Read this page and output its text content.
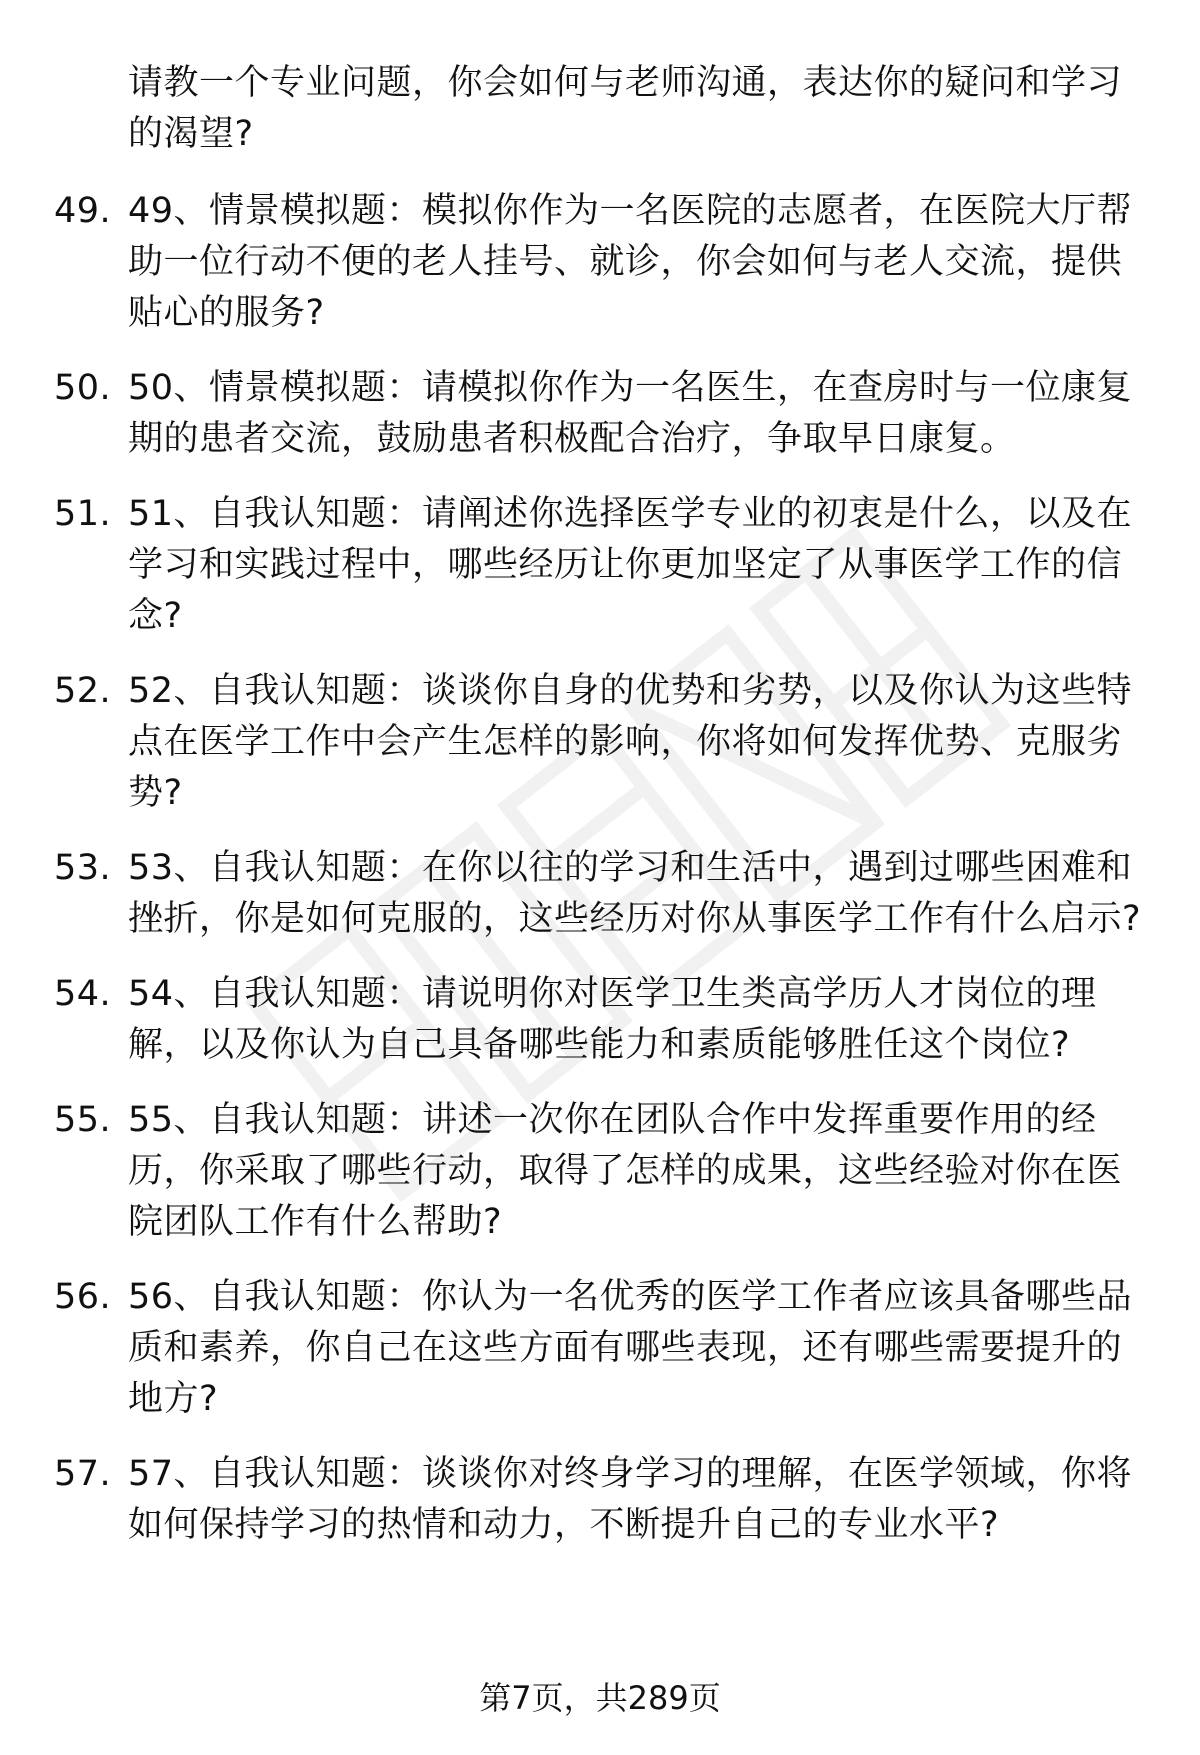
请教一个专业问题，你会如何与老师沟通，表达你的疑问和学习的渴望?
49. 49、情景模拟题：模拟你作为一名医院的志愿者，在医院大厅帮助一位行动不便的老人挂号、就诊，你会如何与老人交流，提供贴心的服务?
50. 50、情景模拟题：请模拟你作为一名医生，在查房时与一位康复期的患者交流，鼓励患者积极配合治疗，争取早日康复。
51. 51、自我认知题：请阐述你选择医学专业的初衷是什么，以及在学习和实践过程中，哪些经历让你更加坚定了从事医学工作的信念?
52. 52、自我认知题：谈谈你自身的优势和劣势，以及你认为这些特点在医学工作中会产生怎样的影响，你将如何发挥优势、克服劣势?
53. 53、自我认知题：在你以往的学习和生活中，遇到过哪些困难和挫折，你是如何克服的，这些经历对你从事医学工作有什么启示?
54. 54、自我认知题：请说明你对医学卫生类高学历人才岗位的理解，以及你认为自己具备哪些能力和素质能够胜任这个岗位?
55. 55、自我认知题：讲述一次你在团队合作中发挥重要作用的经历，你采取了哪些行动，取得了怎样的成果，这些经验对你在医院团队工作有什么帮助?
56. 56、自我认知题：你认为一名优秀的医学工作者应该具备哪些品质和素养，你自己在这些方面有哪些表现，还有哪些需要提升的地方?
57. 57、自我认知题：谈谈你对终身学习的理解，在医学领域，你将如何保持学习的热情和动力，不断提升自己的专业水平?
第7页，共289页
